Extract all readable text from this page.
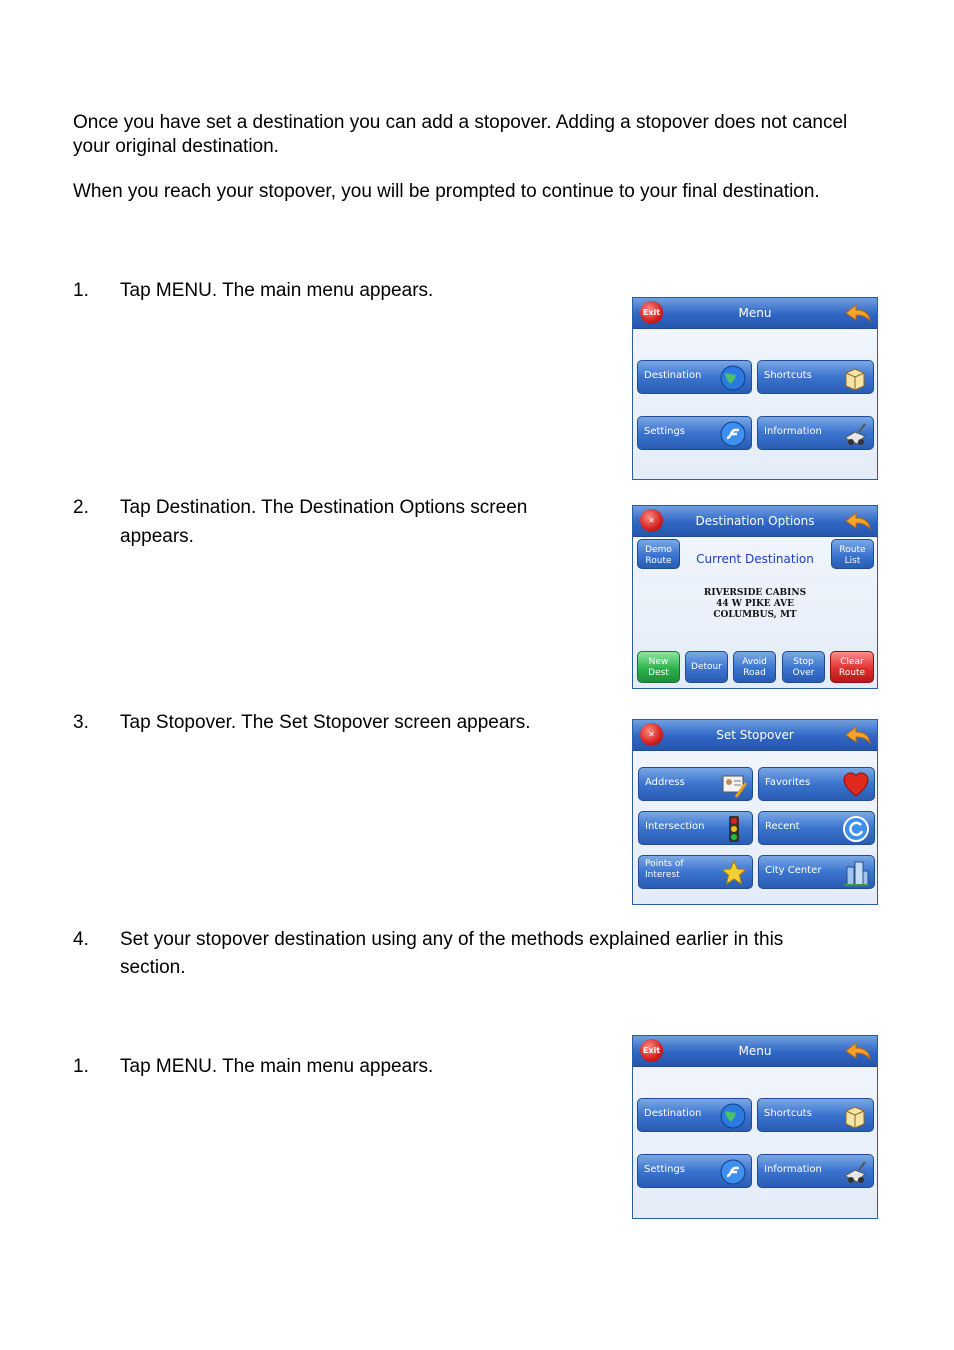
Once you have set a destination you can add a stopover. Adding a stopover does not cancel your original destination.

When you reach your stopover, you will be prompted to continue to your final destination.

1. Tap MENU. The main menu appears.
2. Tap Destination. The Destination Options screen
appears.
3. Tap Stopover. The Set Stopover screen appears.
4. Set your stopover destination using any of the methods explained earlier in this
section.
1. Tap MENU. The main menu appears.
Exit	Menu
Destination	Shortcuts
Settings	Information
✕	Destination Options
Demo
Route	Current Destination
Route
List
RIVERSIDE CABINS
44 W PIKE AVE
COLUMBUS, MT
New
Dest
Detour	Avoid
Road
Stop
Over
Clear
Route
✕	Set Stopover
Address	Favorites
Intersection	Recent
Points of
Interest	City Center
Exit	Menu
Destination	Shortcuts
Settings	Information
